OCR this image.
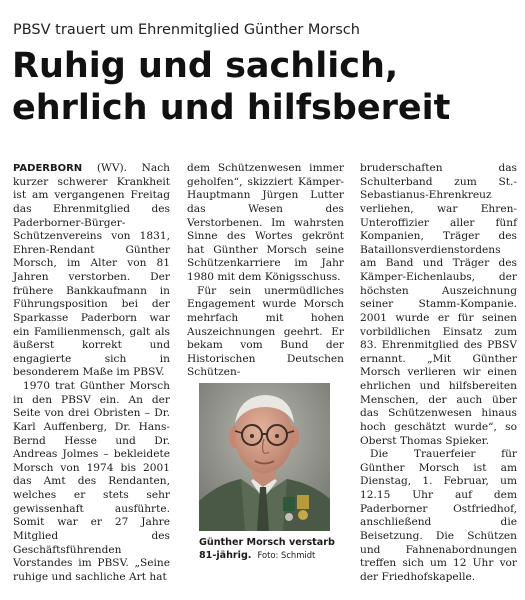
PBSV trauert um Ehrenmitglied Günther Morsch
Ruhig und sachlich,
ehrlich und hilfsbereit

PADERBORN (WV). Nach kurzer schwerer Krankheit ist am vergangenen Freitag das Ehrenmitglied des Paderborner-Bürger-Schützenvereins von 1831, Ehren-Rendant Günther Morsch, im Alter von 81 Jahren verstorben. Der frühere Bankkaufmann in Führungsposition bei der Sparkasse Paderborn war ein Familienmensch, galt als äußerst korrekt und engagierte sich in besonderem Maße im PBSV.

1970 trat Günther Morsch in den PBSV ein. An der Seite von drei Obristen – Dr. Karl Auffenberg, Dr. Hans-Bernd Hesse und Dr. Andreas Jolmes – bekleidete Morsch von 1974 bis 2001 das Amt des Rendanten, welches er stets sehr gewissenhaft ausführte. Somit war er 27 Jahre Mitglied des Geschäftsführenden Vorstandes im PBSV. „Seine ruhige und sachliche Art hat

dem Schützenwesen immer geholfen“, skizziert Kämper-Hauptmann Jürgen Lutter das Wesen des Verstorbenen. Im wahrsten Sinne des Wortes gekrönt hat Günther Morsch seine Schützenkarriere im Jahr 1980 mit dem Königsschuss.

Für sein unermüdliches Engagement wurde Morsch mehrfach mit hohen Auszeichnungen geehrt. Er bekam vom Bund der Historischen Deutschen Schützen-

bruderschaften das Schulterband zum St.-Sebastianus-Ehrenkreuz verliehen, war Ehren-Unteroffizier aller fünf Kompanien, Träger des Bataillonsverdienstordens am Band und Träger des Kämper-Eichenlaubs, der höchsten Auszeichnung seiner Stamm-Kompanie. 2001 wurde er für seinen vorbildlichen Einsatz zum 83. Ehrenmitglied des PBSV ernannt. „Mit Günther Morsch verlieren wir einen ehrlichen und hilfsbereiten Menschen, der auch über das Schützenwesen hinaus hoch geschätzt wurde“, so Oberst Thomas Spieker.

Die Trauerfeier für Günther Morsch ist am Dienstag, 1. Februar, um 12.15 Uhr auf dem Paderborner Ostfriedhof, anschließend die Beisetzung. Die Schützen und Fahnenabordnungen treffen sich um 12 Uhr vor der Friedhofskapelle.

Günther Morsch verstarb 81-jährig. Foto: Schmidt
